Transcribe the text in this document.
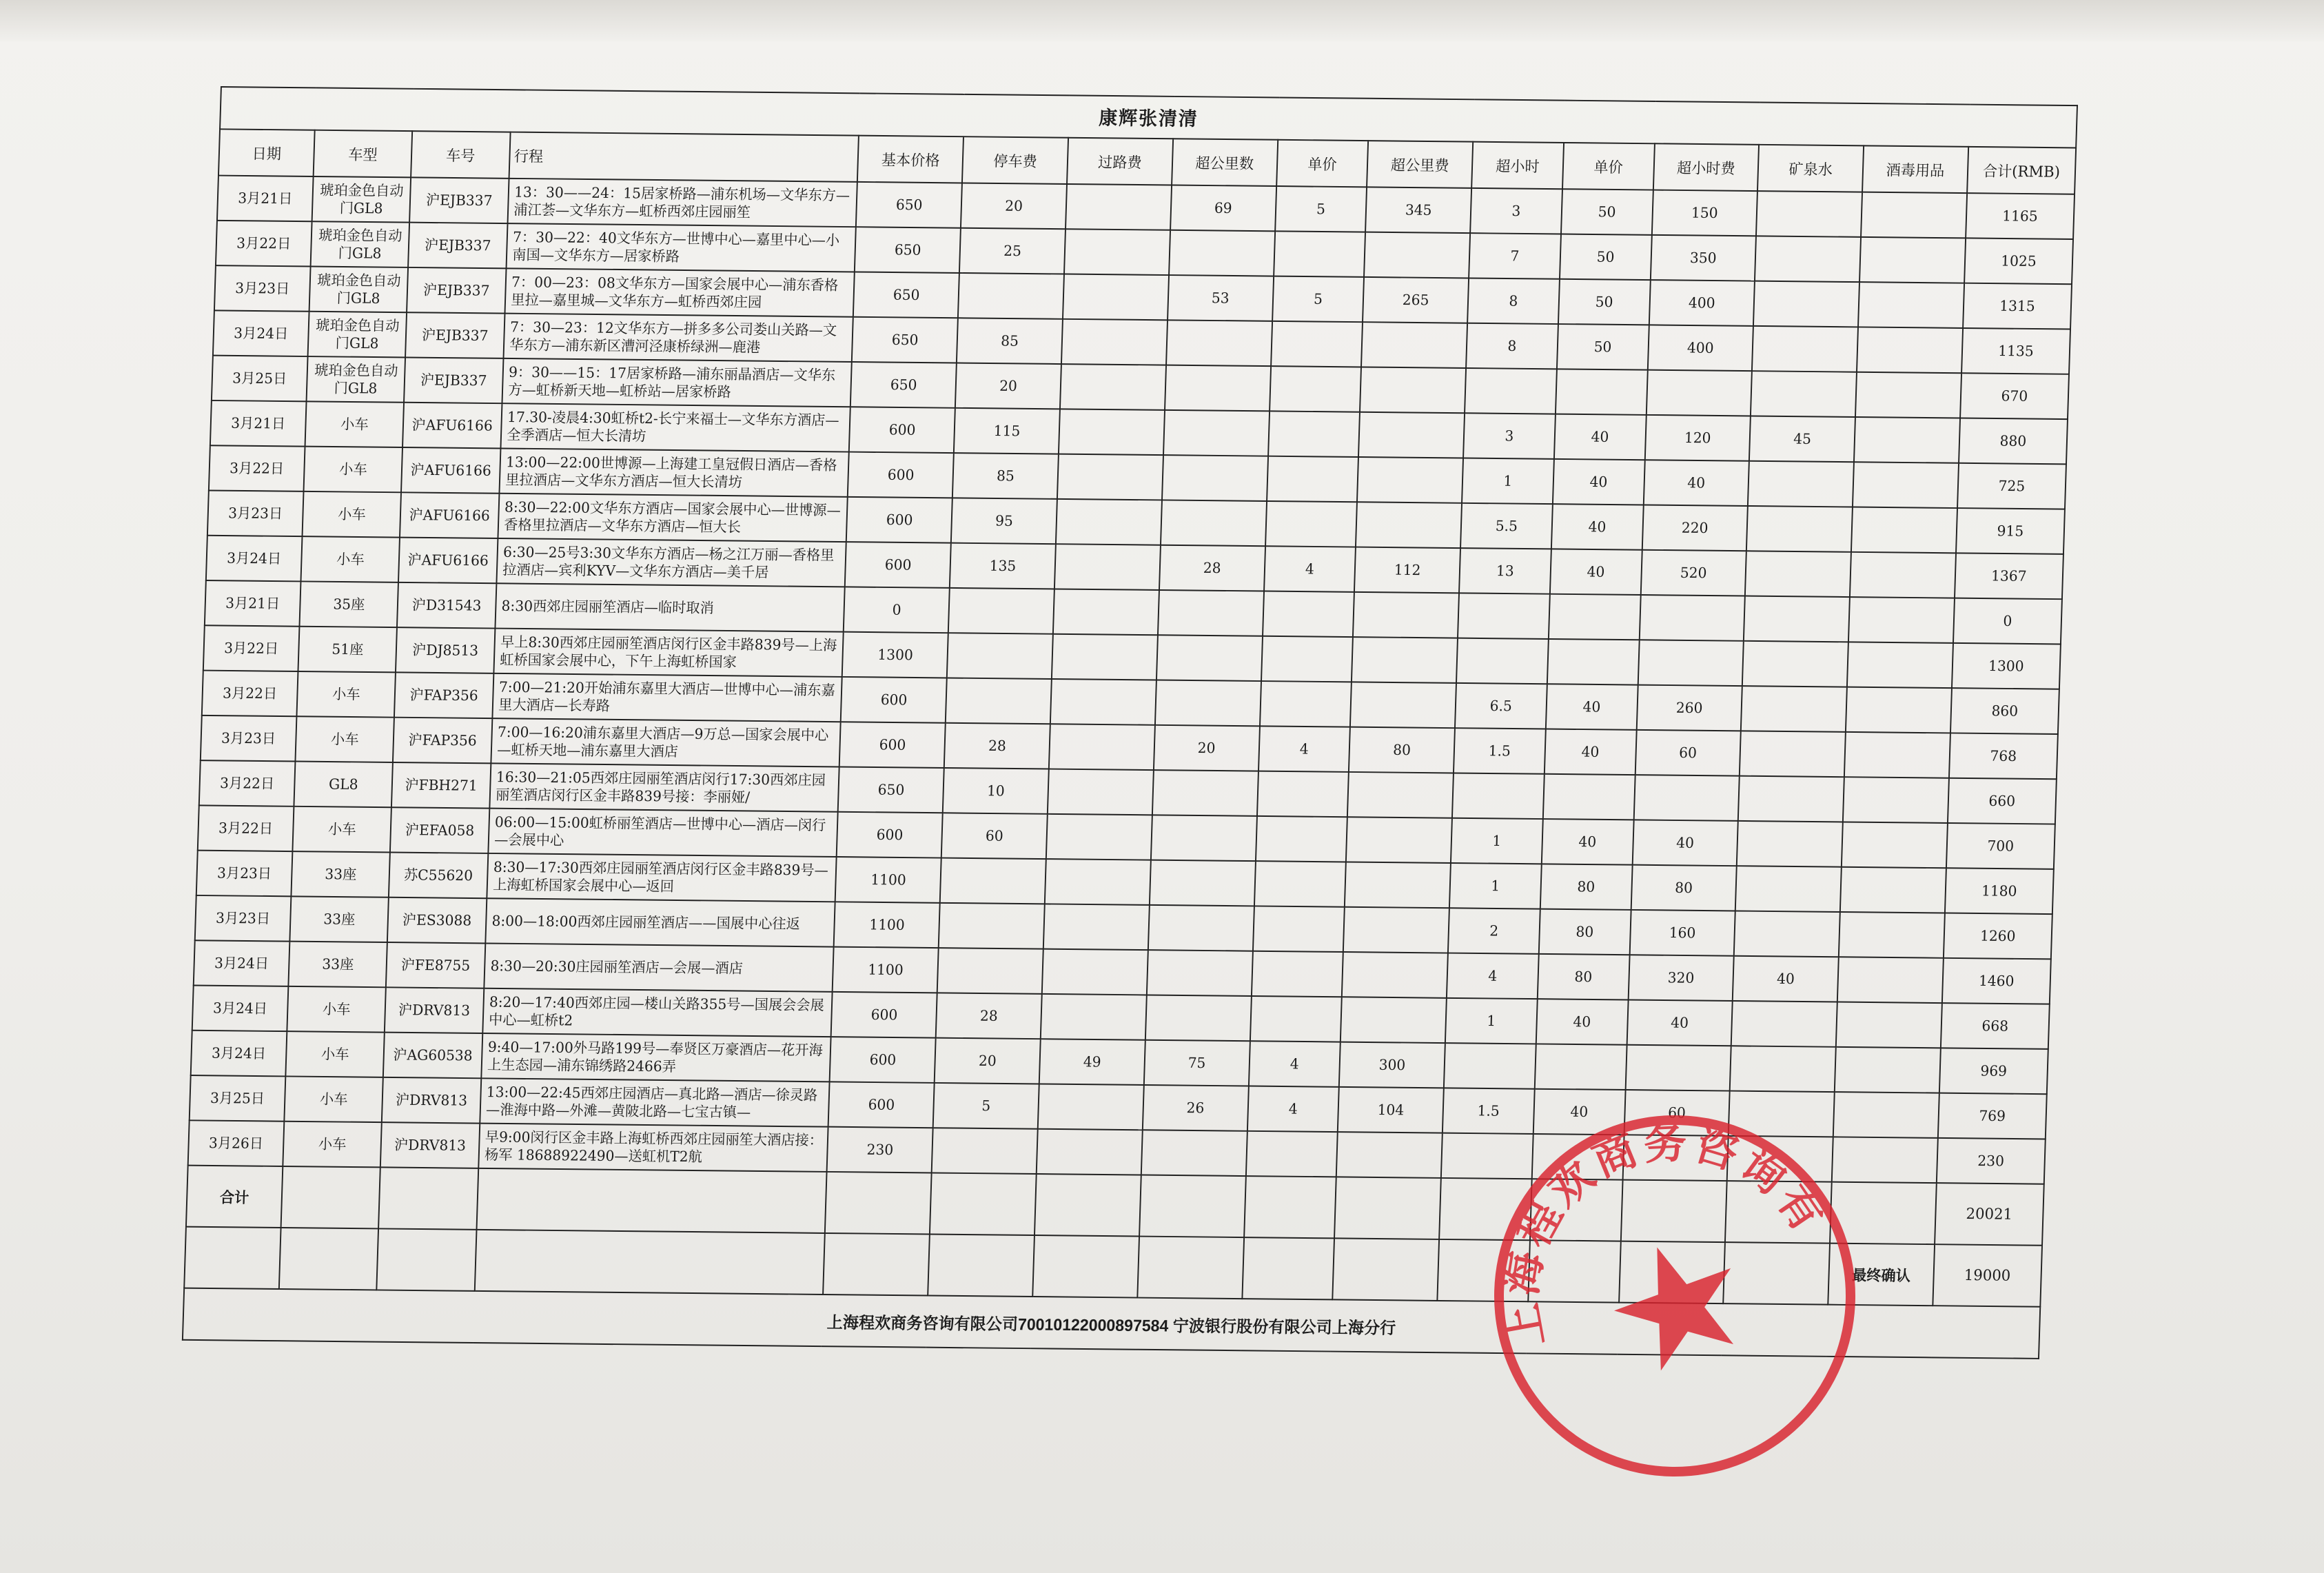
康辉张清清															
日期	车型	车号	行程	基本价格	停车费	过路费	超公里数	单价	超公里费	超小时	单价	超小时费	矿泉水	酒毒用品	合计(RMB)
3月21日	琥珀金色自动门GL8	沪EJB337	13：30——24：15居家桥路—浦东机场—文华东方—浦江荟—文华东方—虹桥西郊庄园丽笙	650	20		69	5	345	3	50	150			1165
3月22日	琥珀金色自动门GL8	沪EJB337	7：30—22：40文华东方—世博中心—嘉里中心—小南国—文华东方—居家桥路	650	25					7	50	350			1025
3月23日	琥珀金色自动门GL8	沪EJB337	7：00—23：08文华东方—国家会展中心—浦东香格里拉—嘉里城—文华东方—虹桥西郊庄园	650			53	5	265	8	50	400			1315
3月24日	琥珀金色自动门GL8	沪EJB337	7：30—23：12文华东方—拼多多公司娄山关路—文华东方—浦东新区漕河泾康桥绿洲—鹿港	650	85					8	50	400			1135
3月25日	琥珀金色自动门GL8	沪EJB337	9：30——15：17居家桥路—浦东丽晶酒店—文华东方—虹桥新天地—虹桥站—居家桥路	650	20										670
3月21日	小车	沪AFU6166	17.30-凌晨4:30虹桥t2-长宁来福士—文华东方酒店—全季酒店—恒大长清坊	600	115					3	40	120	45		880
3月22日	小车	沪AFU6166	13:00—22:00世博源—上海建工皇冠假日酒店—香格里拉酒店—文华东方酒店—恒大长清坊	600	85					1	40	40			725
3月23日	小车	沪AFU6166	8:30—22:00文华东方酒店—国家会展中心—世博源—香格里拉酒店—文华东方酒店—恒大长	600	95					5.5	40	220			915
3月24日	小车	沪AFU6166	6:30—25号3:30文华东方酒店—杨之江万丽—香格里拉酒店—宾利KYV—文华东方酒店—美千居	600	135		28	4	112	13	40	520			1367
3月21日	35座	沪D31543	8:30西郊庄园丽笙酒店—临时取消	0											0
3月22日	51座	沪DJ8513	早上8:30西郊庄园丽笙酒店闵行区金丰路839号—上海虹桥国家会展中心，下午上海虹桥国家	1300											1300
3月22日	小车	沪FAP356	7:00—21:20开始浦东嘉里大酒店—世博中心—浦东嘉里大酒店—长寿路	600						6.5	40	260			860
3月23日	小车	沪FAP356	7:00—16:20浦东嘉里大酒店—9万总—国家会展中心—虹桥天地—浦东嘉里大酒店	600	28		20	4	80	1.5	40	60			768
3月22日	GL8	沪FBH271	16:30—21:05西郊庄园丽笙酒店闵行17:30西郊庄园丽笙酒店闵行区金丰路839号接：李丽娅/	650	10										660
3月22日	小车	沪EFA058	06:00—15:00虹桥丽笙酒店—世博中心—酒店—闵行—会展中心	600	60					1	40	40			700
3月23日	33座	苏C55620	8:30—17:30西郊庄园丽笙酒店闵行区金丰路839号—上海虹桥国家会展中心—返回	1100						1	80	80			1180
3月23日	33座	沪ES3088	8:00—18:00西郊庄园丽笙酒店——国展中心往返	1100						2	80	160			1260
3月24日	33座	沪FE8755	8:30—20:30庄园丽笙酒店—会展—酒店	1100						4	80	320	40		1460
3月24日	小车	沪DRV813	8:20—17:40西郊庄园—楼山关路355号—国展会会展中心—虹桥t2	600	28					1	40	40			668
3月24日	小车	沪AG60538	9:40—17:00外马路199号—奉贤区万豪酒店—花开海上生态园—浦东锦绣路2466弄	600	20	49	75	4	300						969
3月25日	小车	沪DRV813	13:00—22:45西郊庄园酒店—真北路—酒店—徐灵路—淮海中路—外滩—黄陂北路—七宝古镇—	600	5		26	4	104	1.5	40	60			769
3月26日	小车	沪DRV813	早9:00闵行区金丰路上海虹桥西郊庄园丽笙大酒店接：杨军 18688922490—送虹机T2航	230											230
合计															20021
														最终确认	19000
上海程欢商务咨询有限公司70010122000897584 宁波银行股份有限公司上海分行																上海程欢商务咨询有限公司
